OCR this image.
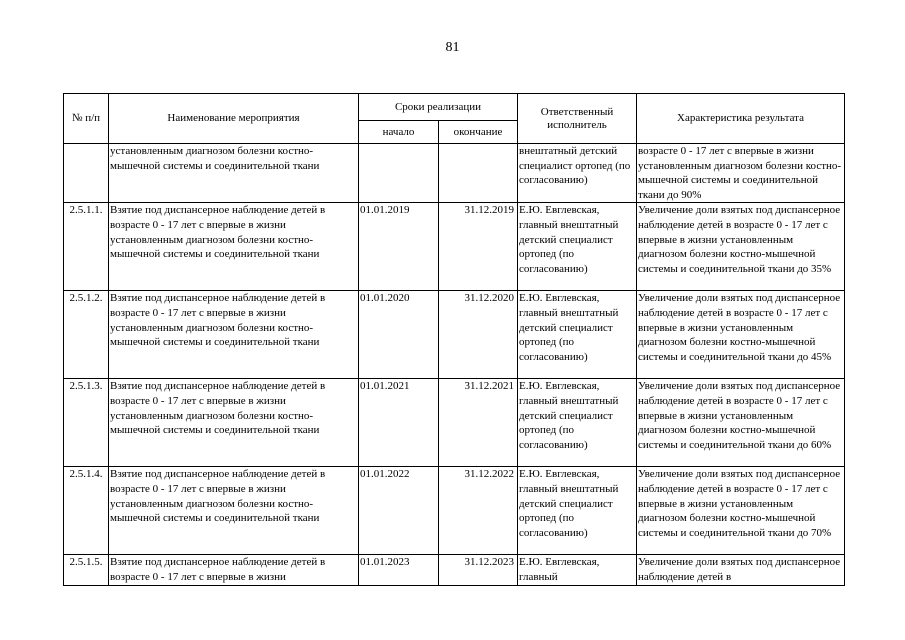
81
№ п/п	Наименование мероприятия	Сроки реализации		Ответственный исполнитель	Характеристика результата
		начало	окончание		
	установленным диагнозом болезни костно-мышечной системы и соединительной ткани			внештатный детский специалист ортопед (по согласованию)	возрасте 0 - 17 лет с впервые в жизни установленным диагнозом болезни костно-мышечной системы и соединительной ткани до 90%
2.5.1.1.	Взятие под диспансерное наблюдение детей в возрасте 0 - 17 лет с впервые в жизни установленным диагнозом болезни костно-мышечной системы и соединительной ткани	01.01.2019	31.12.2019	Е.Ю. Евглевская, главный внештатный детский специалист ортопед (по согласованию)	Увеличение доли взятых под диспансерное наблюдение детей в возрасте 0 - 17 лет с впервые в жизни установленным диагнозом болезни костно-мышечной системы и соединительной ткани до 35%
2.5.1.2.	Взятие под диспансерное наблюдение детей в возрасте 0 - 17 лет с впервые в жизни установленным диагнозом болезни костно-мышечной системы и соединительной ткани	01.01.2020	31.12.2020	Е.Ю. Евглевская, главный внештатный детский специалист ортопед (по согласованию)	Увеличение доли взятых под диспансерное наблюдение детей в возрасте 0 - 17 лет с впервые в жизни установленным диагнозом болезни костно-мышечной системы и соединительной ткани до 45%
2.5.1.3.	Взятие под диспансерное наблюдение детей в возрасте 0 - 17 лет с впервые в жизни установленным диагнозом болезни костно-мышечной системы и соединительной ткани	01.01.2021	31.12.2021	Е.Ю. Евглевская, главный внештатный детский специалист ортопед (по согласованию)	Увеличение доли взятых под диспансерное наблюдение детей в возрасте 0 - 17 лет с впервые в жизни установленным диагнозом болезни костно-мышечной системы и соединительной ткани до 60%
2.5.1.4.	Взятие под диспансерное наблюдение детей в возрасте 0 - 17 лет с впервые в жизни установленным диагнозом болезни костно-мышечной системы и соединительной ткани	01.01.2022	31.12.2022	Е.Ю. Евглевская, главный внештатный детский специалист ортопед (по согласованию)	Увеличение доли взятых под диспансерное наблюдение детей в возрасте 0 - 17 лет с впервые в жизни установленным диагнозом болезни костно-мышечной системы и соединительной ткани до 70%
2.5.1.5.	Взятие под диспансерное наблюдение детей в возрасте 0 - 17 лет с впервые в жизни	01.01.2023	31.12.2023	Е.Ю. Евглевская, главный	Увеличение доли взятых под диспансерное наблюдение детей в
